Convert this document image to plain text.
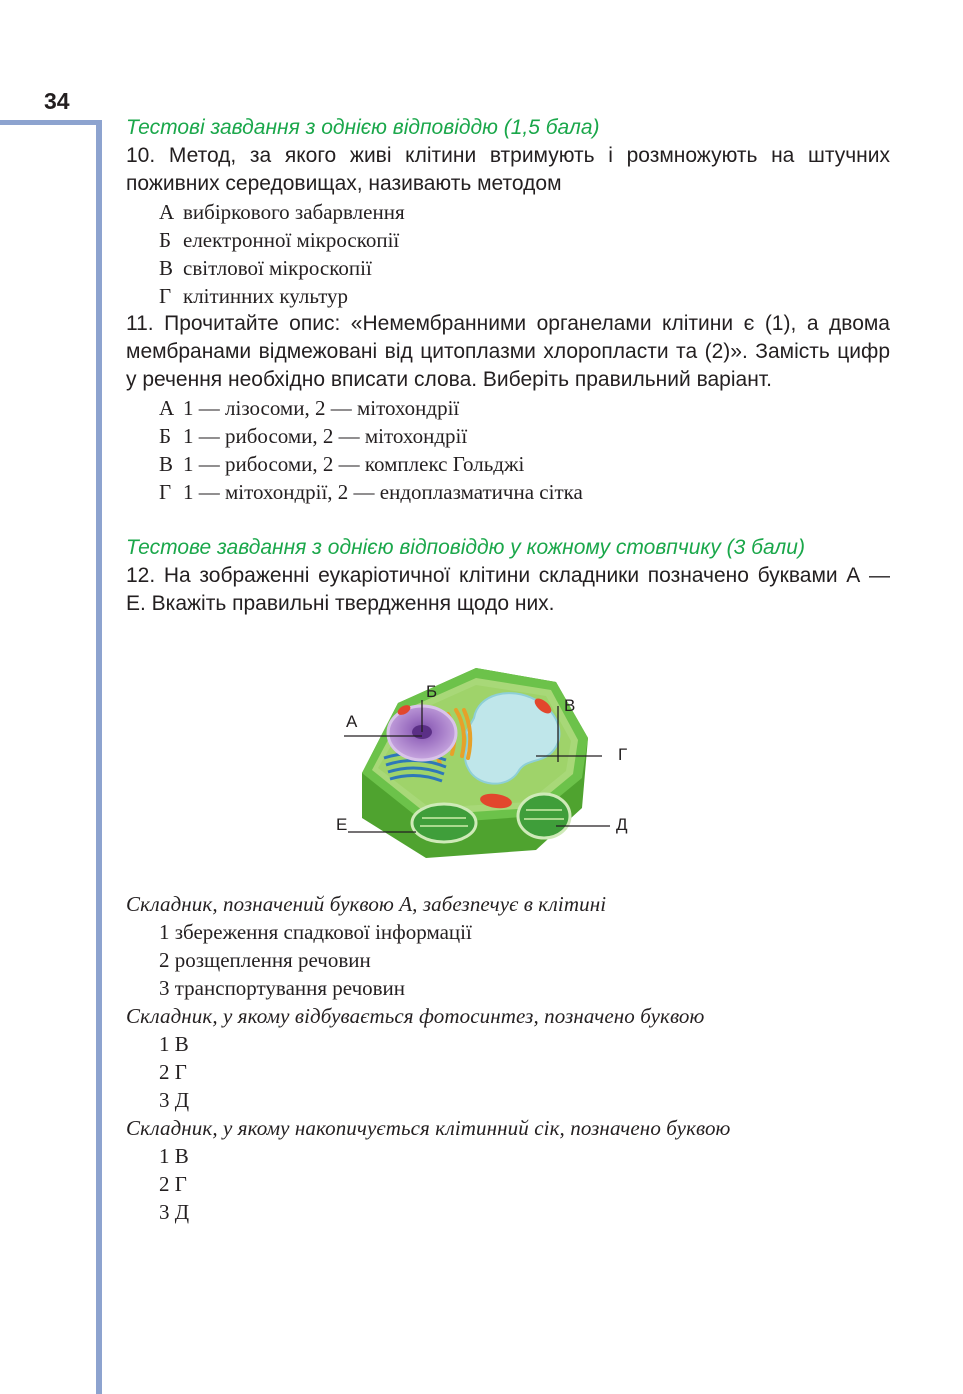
34
Тестові завдання з однією відповіддю (1,5 бала)
10. Метод, за якого живі клітини втримують і розмножують на штучних поживних середовищах, називають методом
А вибіркового забарвлення
Б електронної мікроскопії
В світлової мікроскопії
Г клітинних культур
11. Прочитайте опис: «Немембранними органелами клітини є (1), а двома мембранами відмежовані від цитоплазми хлоропласти та (2)». Замість цифр у речення необхідно вписати слова. Виберіть правильний варіант.
А 1 — лізосоми, 2 — мітохондрії
Б 1 — рибосоми, 2 — мітохондрії
В 1 — рибосоми, 2 — комплекс Гольджі
Г 1 — мітохондрії, 2 — ендоплазматична сітка
Тестове завдання з однією відповіддю у кожному стовпчику (3 бали)
12. На зображенні еукаріотичної клітини складники позначено буквами А — Е. Вкажіть правильні твердження щодо них.
А
Б
В
Г
Д
Е
Складник, позначений буквою А, забезпечує в клітині
1 збереження спадкової інформації
2 розщеплення речовин
3 транспортування речовин
Складник, у якому відбувається фотосинтез, позначено буквою
1 В
2 Г
3 Д
Складник, у якому накопичується клітинний сік, позначено буквою
1 В
2 Г
3 Д
